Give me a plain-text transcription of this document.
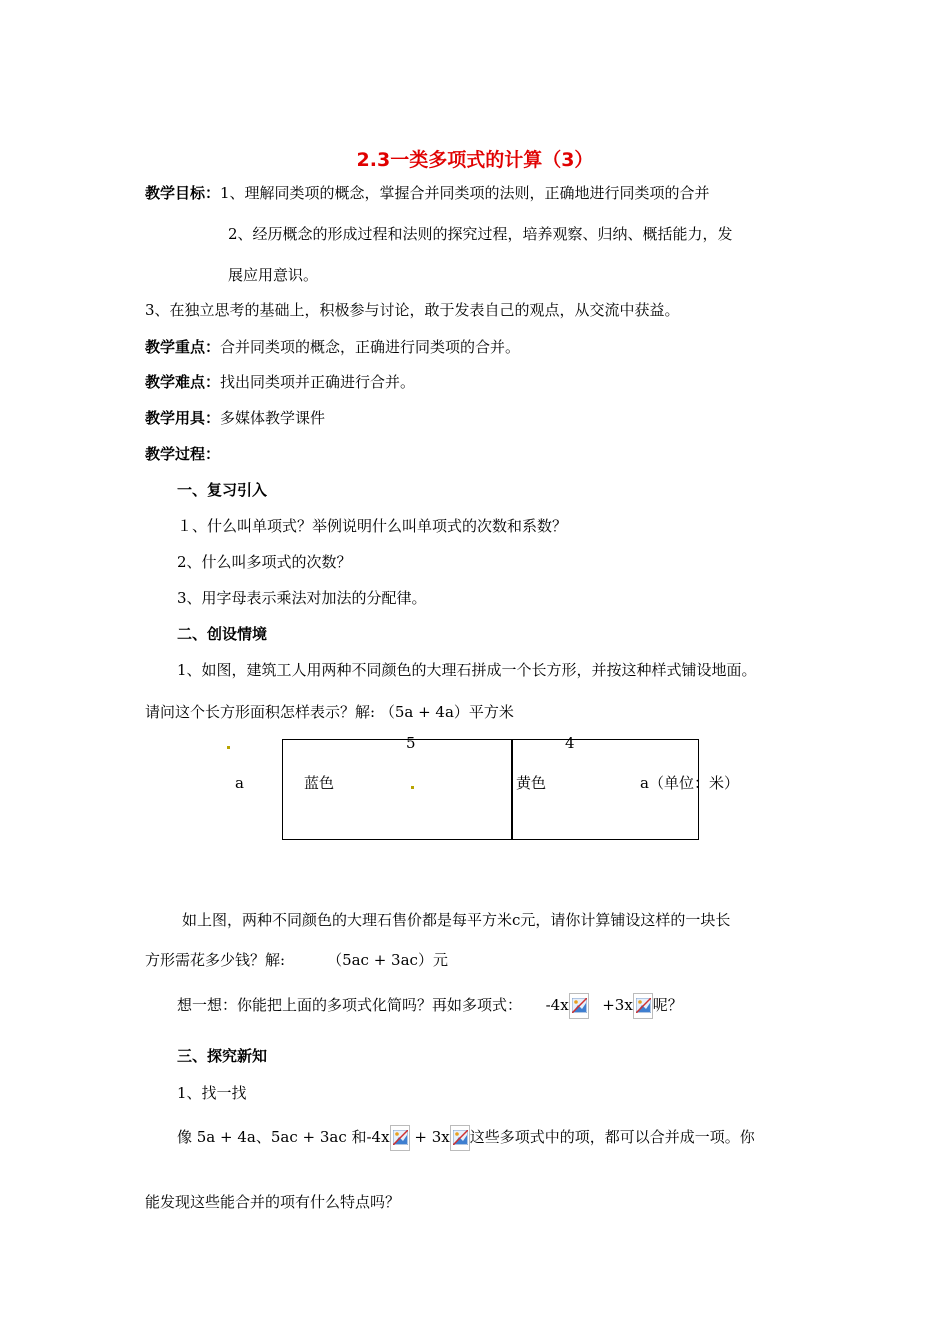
2.3一类多项式的计算（3）
教学目标：1、理解同类项的概念，掌握合并同类项的法则，正确地进行同类项的合并
2、经历概念的形成过程和法则的探究过程，培养观察、归纳、概括能力，发
展应用意识。
3、在独立思考的基础上，积极参与讨论，敢于发表自己的观点，从交流中获益。
教学重点：合并同类项的概念，正确进行同类项的合并。
教学难点：找出同类项并正确进行合并。
教学用具：多媒体教学课件
教学过程：
一、复习引入
１、什么叫单项式？举例说明什么叫单项式的次数和系数？
2、什么叫多项式的次数？
3、用字母表示乘法对加法的分配律。
二、创设情境
1、如图，建筑工人用两种不同颜色的大理石拼成一个长方形，并按这种样式铺设地面。
请问这个长方形面积怎样表示？解: （5a + 4a）平方米
5	4
a	蓝色	黄色	a（单位：米）
如上图，两种不同颜色的大理石售价都是每平方米c元，请你计算铺设这样的一块长
方形需花多少钱？解:	（5ac + 3ac）元
想一想：你能把上面的多项式化简吗？再如多项式： -4x +3x 呢？
三、探究新知
1、找一找
像 5a + 4a、5ac + 3ac 和-4x
+ 3x 这些多项式中的项，都可以合并成一项。你
能发现这些能合并的项有什么特点吗？
